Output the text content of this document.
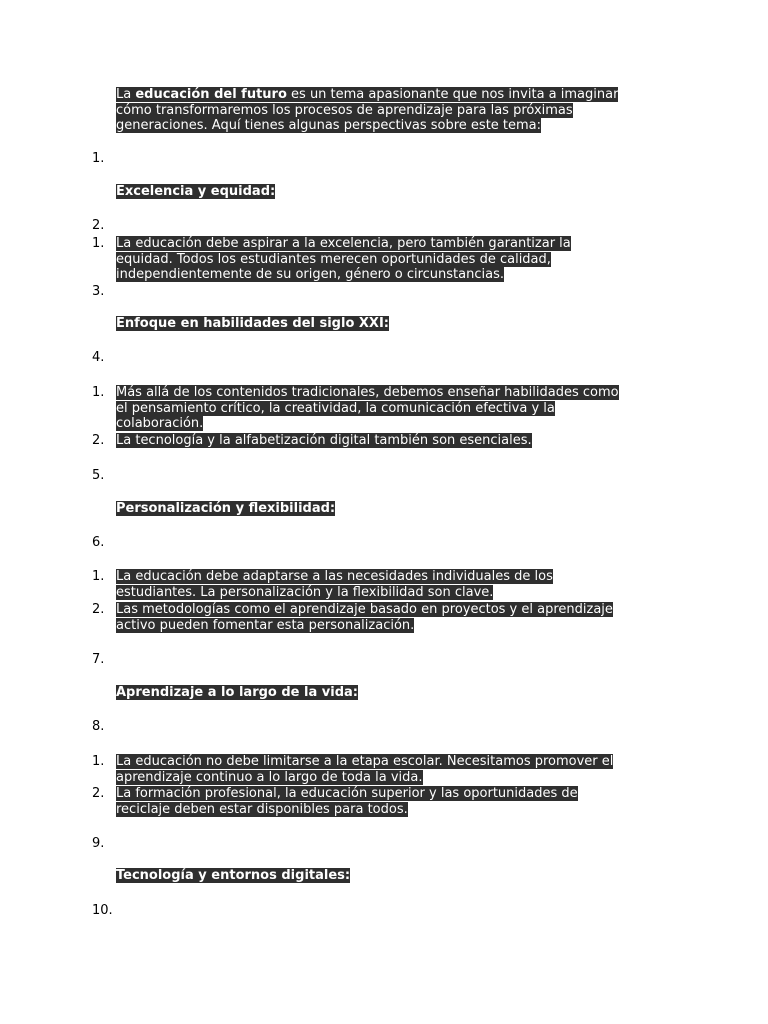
La educación del futuro es un tema apasionante que nos invita a imaginar
cómo transformaremos los procesos de aprendizaje para las próximas
generaciones. Aquí tienes algunas perspectivas sobre este tema:

1.

Excelencia y equidad:

2.

1. La educación debe aspirar a la excelencia, pero también garantizar la
equidad. Todos los estudiantes merecen oportunidades de calidad,
independientemente de su origen, género o circunstancias.

3.

Enfoque en habilidades del siglo XXI:

4.

1. Más allá de los contenidos tradicionales, debemos enseñar habilidades como
el pensamiento crítico, la creatividad, la comunicación efectiva y la
colaboración.
2. La tecnología y la alfabetización digital también son esenciales.

5.

Personalización y flexibilidad:

6.

1. La educación debe adaptarse a las necesidades individuales de los
estudiantes. La personalización y la flexibilidad son clave.
2. Las metodologías como el aprendizaje basado en proyectos y el aprendizaje
activo pueden fomentar esta personalización.

7.

Aprendizaje a lo largo de la vida:

8.

1. La educación no debe limitarse a la etapa escolar. Necesitamos promover el
aprendizaje continuo a lo largo de toda la vida.
2. La formación profesional, la educación superior y las oportunidades de
reciclaje deben estar disponibles para todos.

9.

Tecnología y entornos digitales:

10.
